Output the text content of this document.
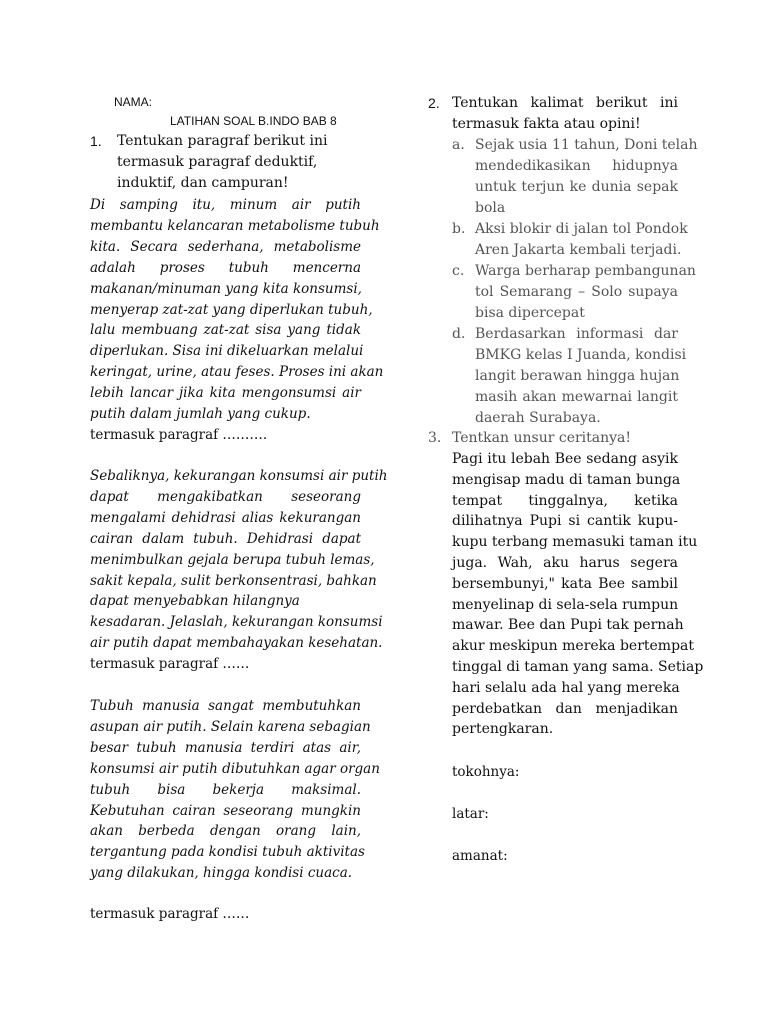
NAMA:
LATIHAN SOAL B.INDO BAB 8
1. Tentukan paragraf berikut ini termasuk paragraf deduktif, induktif, dan campuran!
Di samping itu, minum air putih
membantu kelancaran metabolisme tubuh
kita. Secara sederhana, metabolisme
adalah proses tubuh mencerna
makanan/minuman yang kita konsumsi,
menyerap zat-zat yang diperlukan tubuh,
lalu membuang zat-zat sisa yang tidak
diperlukan. Sisa ini dikeluarkan melalui
keringat, urine, atau feses. Proses ini akan
lebih lancar jika kita mengonsumsi air
putih dalam jumlah yang cukup.
termasuk paragraf ……….
Sebaliknya, kekurangan konsumsi air putih
dapat mengakibatkan seseorang
mengalami dehidrasi alias kekurangan
cairan dalam tubuh. Dehidrasi dapat
menimbulkan gejala berupa tubuh lemas,
sakit kepala, sulit berkonsentrasi, bahkan
dapat menyebabkan hilangnya
kesadaran. Jelaslah, kekurangan konsumsi
air putih dapat membahayakan kesehatan.
termasuk paragraf ……
Tubuh manusia sangat membutuhkan
asupan air putih. Selain karena sebagian
besar tubuh manusia terdiri atas air,
konsumsi air putih dibutuhkan agar organ
tubuh bisa bekerja maksimal.
Kebutuhan cairan seseorang mungkin
akan berbeda dengan orang lain,
tergantung pada kondisi tubuh aktivitas
yang dilakukan, hingga kondisi cuaca.
termasuk paragraf ……
2. Tentukan kalimat berikut ini
termasuk fakta atau opini!
a. Sejak usia 11 tahun, Doni telah
mendedikasikan hidupnya
untuk terjun ke dunia sepak
bola
b. Aksi blokir di jalan tol Pondok
Aren Jakarta kembali terjadi.
c. Warga berharap pembangunan
tol Semarang – Solo supaya
bisa dipercepat
d. Berdasarkan informasi dar
BMKG kelas I Juanda, kondisi
langit berawan hingga hujan
masih akan mewarnai langit
daerah Surabaya.
3. Tentkan unsur ceritanya!
Pagi itu lebah Bee sedang asyik
mengisap madu di taman bunga
tempat tinggalnya, ketika
dilihatnya Pupi si cantik kupu-
kupu terbang memasuki taman itu
juga. Wah, aku harus segera
bersembunyi," kata Bee sambil
menyelinap di sela-sela rumpun
mawar. Bee dan Pupi tak pernah
akur meskipun mereka bertempat
tinggal di taman yang sama. Setiap
hari selalu ada hal yang mereka
perdebatkan dan menjadikan
pertengkaran.
tokohnya:
latar:
amanat:
